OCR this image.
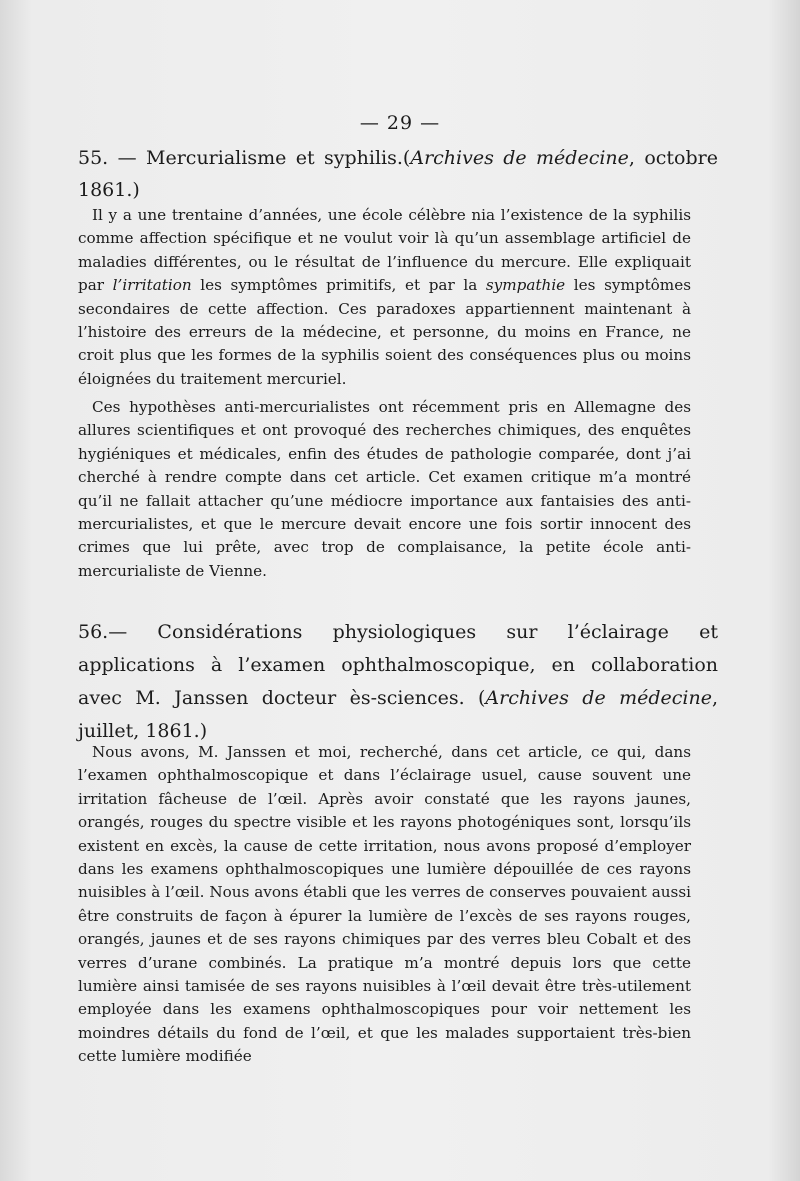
— 29 —
55. — Mercurialisme et syphilis.(Archives de médecine, octobre 1861.)
Il y a une trentaine d’années, une école célèbre nia l’existence de la syphilis comme affection spécifique et ne voulut voir là qu’un assemblage artificiel de maladies différentes, ou le résultat de l’influence du mercure. Elle expliquait par l’irritation les symptômes primitifs, et par la sympathie les symptômes secondaires de cette affection. Ces paradoxes appartiennent maintenant à l’histoire des erreurs de la médecine, et personne, du moins en France, ne croit plus que les formes de la syphilis soient des conséquences plus ou moins éloignées du traitement mercuriel.
Ces hypothèses anti-mercurialistes ont récemment pris en Allemagne des allures scientifiques et ont provoqué des recherches chimiques, des enquêtes hygiéniques et médicales, enfin des études de pathologie comparée, dont j’ai cherché à rendre compte dans cet article. Cet examen critique m’a montré qu’il ne fallait attacher qu’une médiocre importance aux fantaisies des anti-mercurialistes, et que le mercure devait encore une fois sortir innocent des crimes que lui prête, avec trop de complaisance, la petite école anti-mercurialiste de Vienne.
56.— Considérations physiologiques sur l’éclairage et applications à l’examen ophthalmoscopique, en collaboration avec M. Janssen docteur ès-sciences. (Archives de médecine, juillet, 1861.)
Nous avons, M. Janssen et moi, recherché, dans cet article, ce qui, dans l’examen ophthalmoscopique et dans l’éclairage usuel, cause souvent une irritation fâcheuse de l’œil. Après avoir constaté que les rayons jaunes, orangés, rouges du spectre visible et les rayons photogéniques sont, lorsqu’ils existent en excès, la cause de cette irritation, nous avons proposé d’employer dans les examens ophthalmoscopiques une lumière dépouillée de ces rayons nuisibles à l’œil. Nous avons établi que les verres de conserves pouvaient aussi être construits de façon à épurer la lumière de l’excès de ses rayons rouges, orangés, jaunes et de ses rayons chimiques par des verres bleu Cobalt et des verres d’urane combinés. La pratique m’a montré depuis lors que cette lumière ainsi tamisée de ses rayons nuisibles à l’œil devait être très-utilement employée dans les examens ophthalmoscopiques pour voir nettement les moindres détails du fond de l’œil, et que les malades supportaient très-bien cette lumière modifiée
